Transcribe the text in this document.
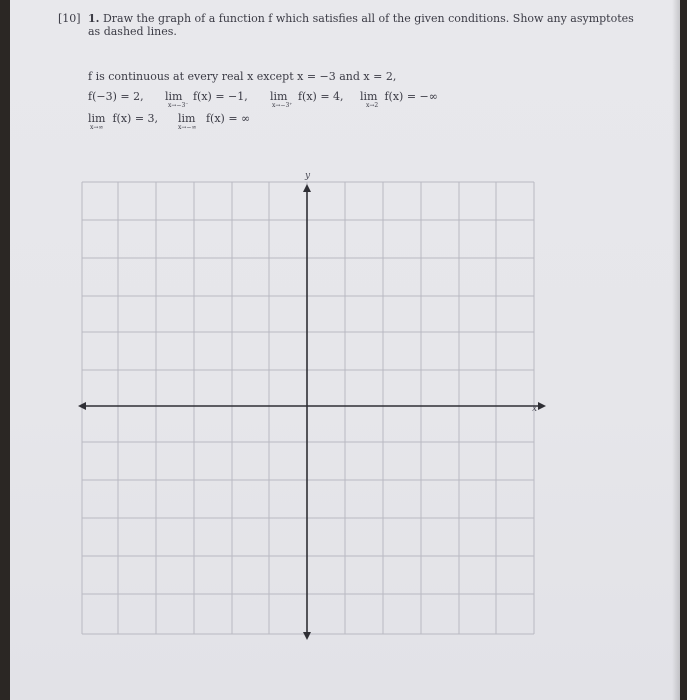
[10] 1. Draw the graph of a function f which satisfies all of the given conditions. Show any asymptotes
as dashed lines.
f is continuous at every real x except x = −3 and x = 2,
f(−3) = 2, lim
x→−3⁻
f(x) = −1, lim
x→−3⁺
f(x) = 4, lim
x→2
f(x) = −∞
lim
x→∞
f(x) = 3, lim
x→−∞
f(x) = ∞
y
x
